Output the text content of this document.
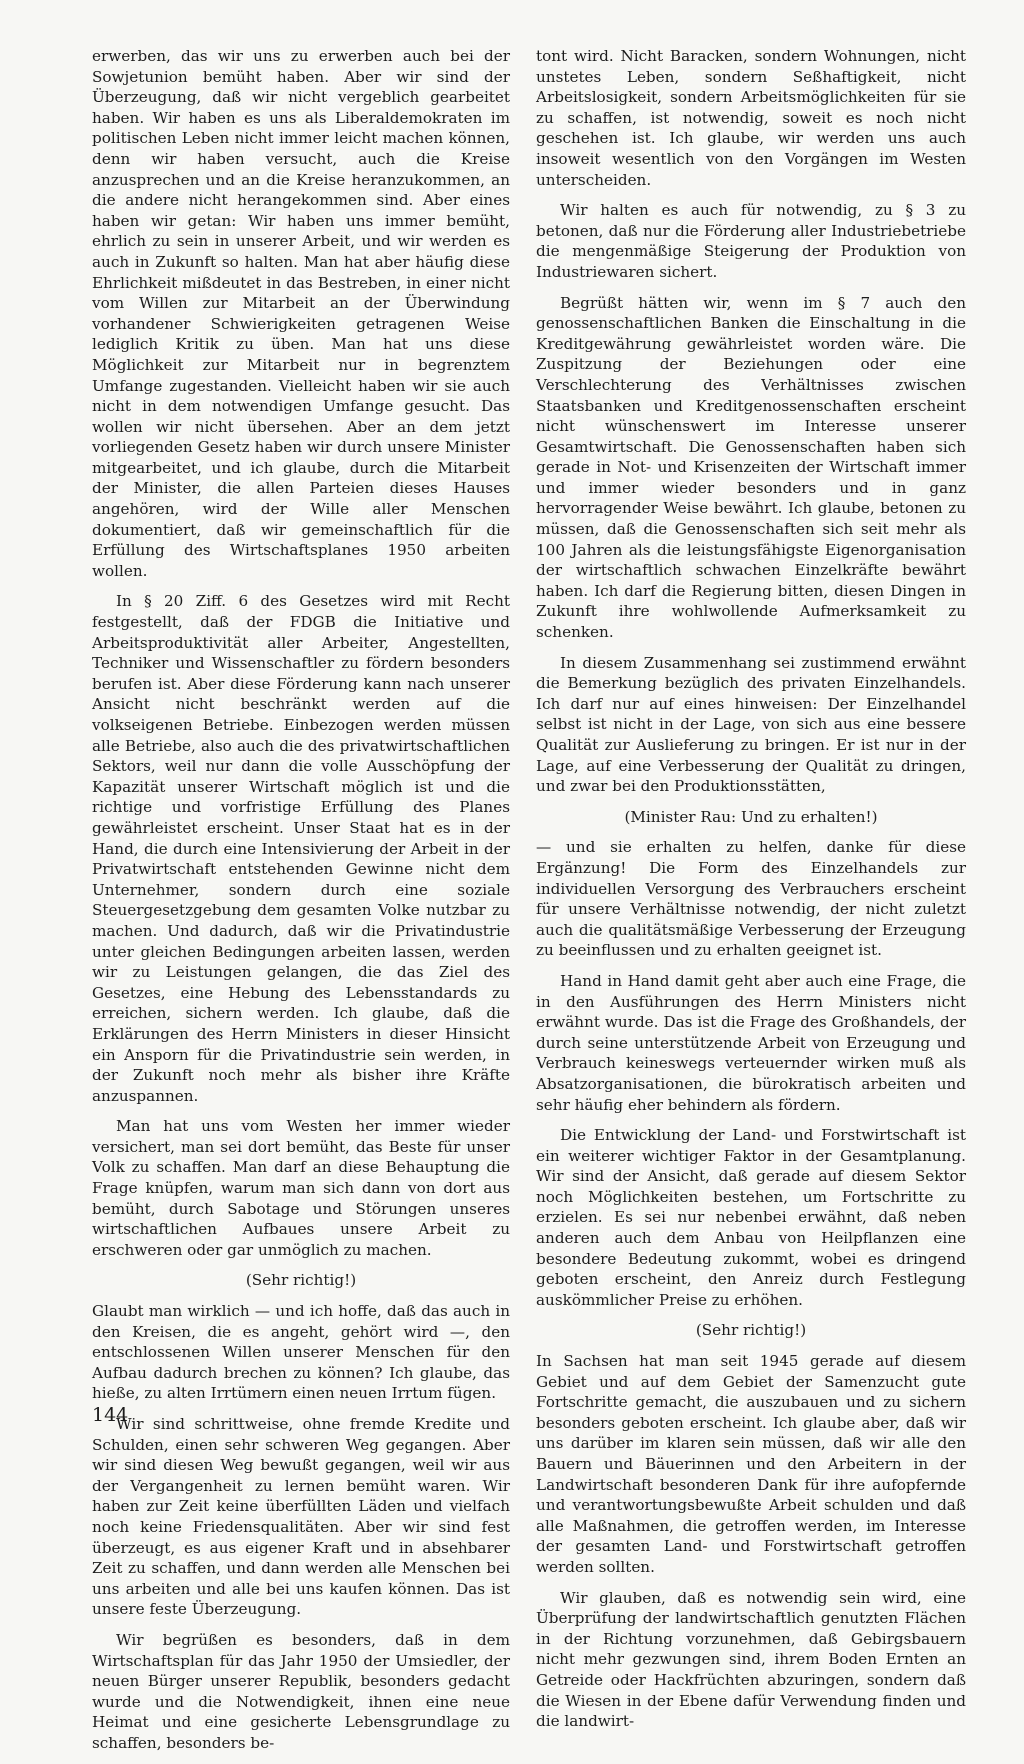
erwerben, das wir uns zu erwerben auch bei der Sowjetunion bemüht haben. Aber wir sind der Überzeugung, daß wir nicht vergeblich gearbeitet haben. Wir haben es uns als Liberaldemokraten im politischen Leben nicht immer leicht machen können, denn wir haben versucht, auch die Kreise anzusprechen und an die Kreise heranzukommen, an die andere nicht herangekommen sind. Aber eines haben wir getan: Wir haben uns immer bemüht, ehrlich zu sein in unserer Arbeit, und wir werden es auch in Zukunft so halten. Man hat aber häufig diese Ehrlichkeit mißdeutet in das Bestreben, in einer nicht vom Willen zur Mitarbeit an der Überwindung vorhandener Schwierigkeiten getragenen Weise lediglich Kritik zu üben. Man hat uns diese Möglichkeit zur Mitarbeit nur in begrenztem Umfange zugestanden. Vielleicht haben wir sie auch nicht in dem notwendigen Umfange gesucht. Das wollen wir nicht übersehen. Aber an dem jetzt vorliegenden Gesetz haben wir durch unsere Minister mitgearbeitet, und ich glaube, durch die Mitarbeit der Minister, die allen Parteien dieses Hauses angehören, wird der Wille aller Menschen dokumentiert, daß wir gemeinschaftlich für die Erfüllung des Wirtschaftsplanes 1950 arbeiten wollen.

In § 20 Ziff. 6 des Gesetzes wird mit Recht festgestellt, daß der FDGB die Initiative und Arbeitsproduktivität aller Arbeiter, Angestellten, Techniker und Wissenschaftler zu fördern besonders berufen ist. Aber diese Förderung kann nach unserer Ansicht nicht beschränkt werden auf die volkseigenen Betriebe. Einbezogen werden müssen alle Betriebe, also auch die des privatwirtschaftlichen Sektors, weil nur dann die volle Ausschöpfung der Kapazität unserer Wirtschaft möglich ist und die richtige und vorfristige Erfüllung des Planes gewährleistet erscheint. Unser Staat hat es in der Hand, die durch eine Intensivierung der Arbeit in der Privatwirtschaft entstehenden Gewinne nicht dem Unternehmer, sondern durch eine soziale Steuergesetzgebung dem gesamten Volke nutzbar zu machen. Und dadurch, daß wir die Privatindustrie unter gleichen Bedingungen arbeiten lassen, werden wir zu Leistungen gelangen, die das Ziel des Gesetzes, eine Hebung des Lebensstandards zu erreichen, sichern werden. Ich glaube, daß die Erklärungen des Herrn Ministers in dieser Hinsicht ein Ansporn für die Privatindustrie sein werden, in der Zukunft noch mehr als bisher ihre Kräfte anzuspannen.

Man hat uns vom Westen her immer wieder versichert, man sei dort bemüht, das Beste für unser Volk zu schaffen. Man darf an diese Behauptung die Frage knüpfen, warum man sich dann von dort aus bemüht, durch Sabotage und Störungen unseres wirtschaftlichen Aufbaues unsere Arbeit zu erschweren oder gar unmöglich zu machen.

(Sehr richtig!)

Glaubt man wirklich — und ich hoffe, daß das auch in den Kreisen, die es angeht, gehört wird —, den entschlossenen Willen unserer Menschen für den Aufbau dadurch brechen zu können? Ich glaube, das hieße, zu alten Irrtümern einen neuen Irrtum fügen.

Wir sind schrittweise, ohne fremde Kredite und Schulden, einen sehr schweren Weg gegangen. Aber wir sind diesen Weg bewußt gegangen, weil wir aus der Vergangenheit zu lernen bemüht waren. Wir haben zur Zeit keine überfüllten Läden und vielfach noch keine Friedensqualitäten. Aber wir sind fest überzeugt, es aus eigener Kraft und in absehbarer Zeit zu schaffen, und dann werden alle Menschen bei uns arbeiten und alle bei uns kaufen können. Das ist unsere feste Überzeugung.

Wir begrüßen es besonders, daß in dem Wirtschaftsplan für das Jahr 1950 der Umsiedler, der neuen Bürger unserer Republik, besonders gedacht wurde und die Notwendigkeit, ihnen eine neue Heimat und eine gesicherte Lebensgrundlage zu schaffen, besonders be-

tont wird. Nicht Baracken, sondern Wohnungen, nicht unstetes Leben, sondern Seßhaftigkeit, nicht Arbeitslosigkeit, sondern Arbeitsmöglichkeiten für sie zu schaffen, ist notwendig, soweit es noch nicht geschehen ist. Ich glaube, wir werden uns auch insoweit wesentlich von den Vorgängen im Westen unterscheiden.

Wir halten es auch für notwendig, zu § 3 zu betonen, daß nur die Förderung aller Industriebetriebe die mengenmäßige Steigerung der Produktion von Industriewaren sichert.

Begrüßt hätten wir, wenn im § 7 auch den genossenschaftlichen Banken die Einschaltung in die Kreditgewährung gewährleistet worden wäre. Die Zuspitzung der Beziehungen oder eine Verschlechterung des Verhältnisses zwischen Staatsbanken und Kreditgenossenschaften erscheint nicht wünschenswert im Interesse unserer Gesamtwirtschaft. Die Genossenschaften haben sich gerade in Not- und Krisenzeiten der Wirtschaft immer und immer wieder besonders und in ganz hervorragender Weise bewährt. Ich glaube, betonen zu müssen, daß die Genossenschaften sich seit mehr als 100 Jahren als die leistungsfähigste Eigenorganisation der wirtschaftlich schwachen Einzelkräfte bewährt haben. Ich darf die Regierung bitten, diesen Dingen in Zukunft ihre wohlwollende Aufmerksamkeit zu schenken.

In diesem Zusammenhang sei zustimmend erwähnt die Bemerkung bezüglich des privaten Einzelhandels. Ich darf nur auf eines hinweisen: Der Einzelhandel selbst ist nicht in der Lage, von sich aus eine bessere Qualität zur Auslieferung zu bringen. Er ist nur in der Lage, auf eine Verbesserung der Qualität zu dringen, und zwar bei den Produktionsstätten,

(Minister Rau: Und zu erhalten!)

— und sie erhalten zu helfen, danke für diese Ergänzung! Die Form des Einzelhandels zur individuellen Versorgung des Verbrauchers erscheint für unsere Verhältnisse notwendig, der nicht zuletzt auch die qualitätsmäßige Verbesserung der Erzeugung zu beeinflussen und zu erhalten geeignet ist.

Hand in Hand damit geht aber auch eine Frage, die in den Ausführungen des Herrn Ministers nicht erwähnt wurde. Das ist die Frage des Großhandels, der durch seine unterstützende Arbeit von Erzeugung und Verbrauch keineswegs verteuernder wirken muß als Absatzorganisationen, die bürokratisch arbeiten und sehr häufig eher behindern als fördern.

Die Entwicklung der Land- und Forstwirtschaft ist ein weiterer wichtiger Faktor in der Gesamtplanung. Wir sind der Ansicht, daß gerade auf diesem Sektor noch Möglichkeiten bestehen, um Fortschritte zu erzielen. Es sei nur nebenbei erwähnt, daß neben anderen auch dem Anbau von Heilpflanzen eine besondere Bedeutung zukommt, wobei es dringend geboten erscheint, den Anreiz durch Festlegung auskömmlicher Preise zu erhöhen.

(Sehr richtig!)

In Sachsen hat man seit 1945 gerade auf diesem Gebiet und auf dem Gebiet der Samenzucht gute Fortschritte gemacht, die auszubauen und zu sichern besonders geboten erscheint. Ich glaube aber, daß wir uns darüber im klaren sein müssen, daß wir alle den Bauern und Bäuerinnen und den Arbeitern in der Landwirtschaft besonderen Dank für ihre aufopfernde und verantwortungsbewußte Arbeit schulden und daß alle Maßnahmen, die getroffen werden, im Interesse der gesamten Land- und Forstwirtschaft getroffen werden sollten.

Wir glauben, daß es notwendig sein wird, eine Überprüfung der landwirtschaftlich genutzten Flächen in der Richtung vorzunehmen, daß Gebirgsbauern nicht mehr gezwungen sind, ihrem Boden Ernten an Getreide oder Hackfrüchten abzuringen, sondern daß die Wiesen in der Ebene dafür Verwendung finden und die landwirt-

144
